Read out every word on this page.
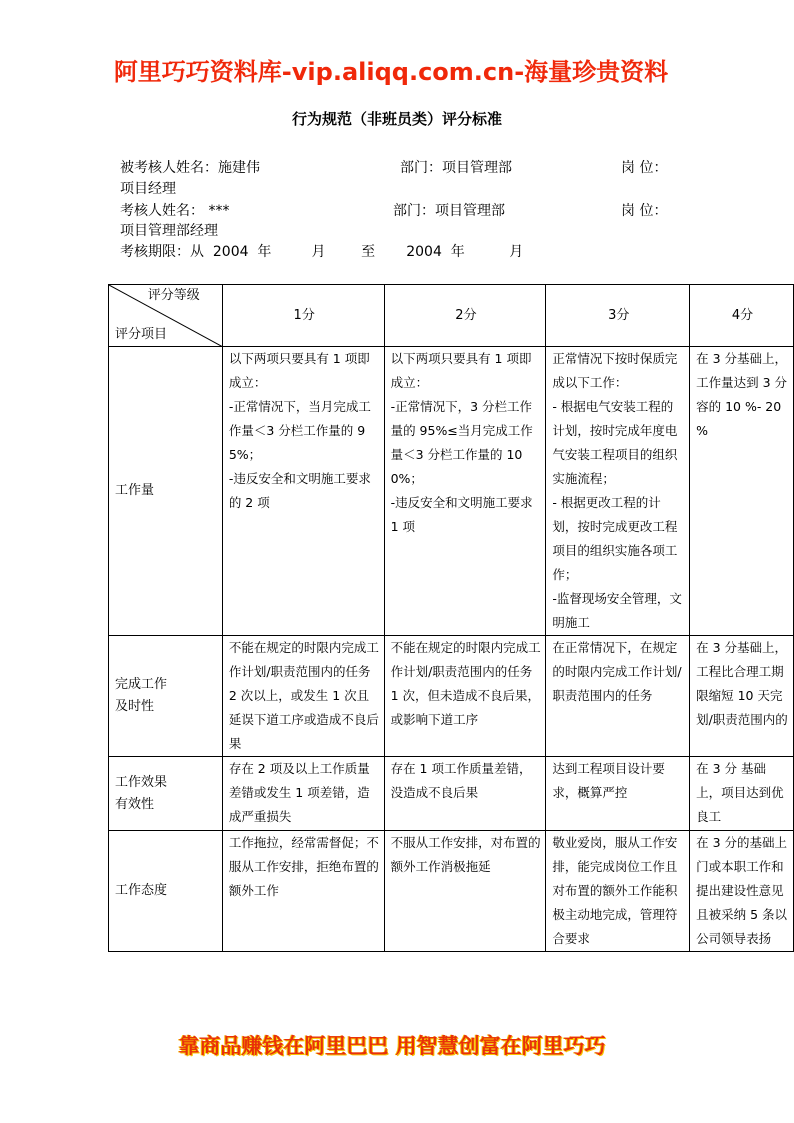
阿里巧巧资料库-vip.aliqq.com.cn-海量珍贵资料
行为规范（非班员类）评分标准
被考核人姓名：施建伟	部门：项目管理部	岗 位：
项目经理
考核人姓名： ***	部门：项目管理部	岗 位：
项目管理部经理
考核期限：从  2004  年         月        至       2004  年          月
评分等级
评分项目	1分	2分	3分	4分
工作量	以下两项只要具有 1 项即成立：
-正常情况下，当月完成工作量＜3 分栏工作量的 95%；
-违反安全和文明施工要求的 2 项	以下两项只要具有 1 项即成立：
-正常情况下，3 分栏工作量的 95%≤当月完成工作量＜3 分栏工作量的 100%；
-违反安全和文明施工要求 1 项	正常情况下按时保质完成以下工作：
- 根据电气安装工程的计划，按时完成年度电气安装工程项目的组织实施流程；
- 根据更改工程的计划，按时完成更改工程项目的组织实施各项工作；
-监督现场安全管理，文明施工	在 3 分基础上，工作量达到 3 分容的 10 %- 20 %
完成工作
及时性	不能在规定的时限内完成工作计划/职责范围内的任务 2 次以上，或发生 1 次且延误下道工序或造成不良后果	不能在规定的时限内完成工作计划/职责范围内的任务 1 次，但未造成不良后果，或影响下道工序	在正常情况下，在规定的时限内完成工作计划/职责范围内的任务	在 3 分基础上，工程比合理工期限缩短 10 天完划/职责范围内的
工作效果
有效性	存在 2 项及以上工作质量差错或发生 1 项差错，造成严重损失	存在 1 项工作质量差错，没造成不良后果	达到工程项目设计要求，概算严控	在 3 分 基础上，项目达到优良工
工作态度	工作拖拉，经常需督促；不服从工作安排，拒绝布置的额外工作	不服从工作安排，对布置的额外工作消极拖延	敬业爱岗，服从工作安排，能完成岗位工作且对布置的额外工作能积极主动地完成，管理符合要求	在 3 分的基础上门或本职工作和提出建设性意见且被采纳 5 条以公司领导表扬
靠商品赚钱在阿里巴巴 用智慧创富在阿里巧巧
